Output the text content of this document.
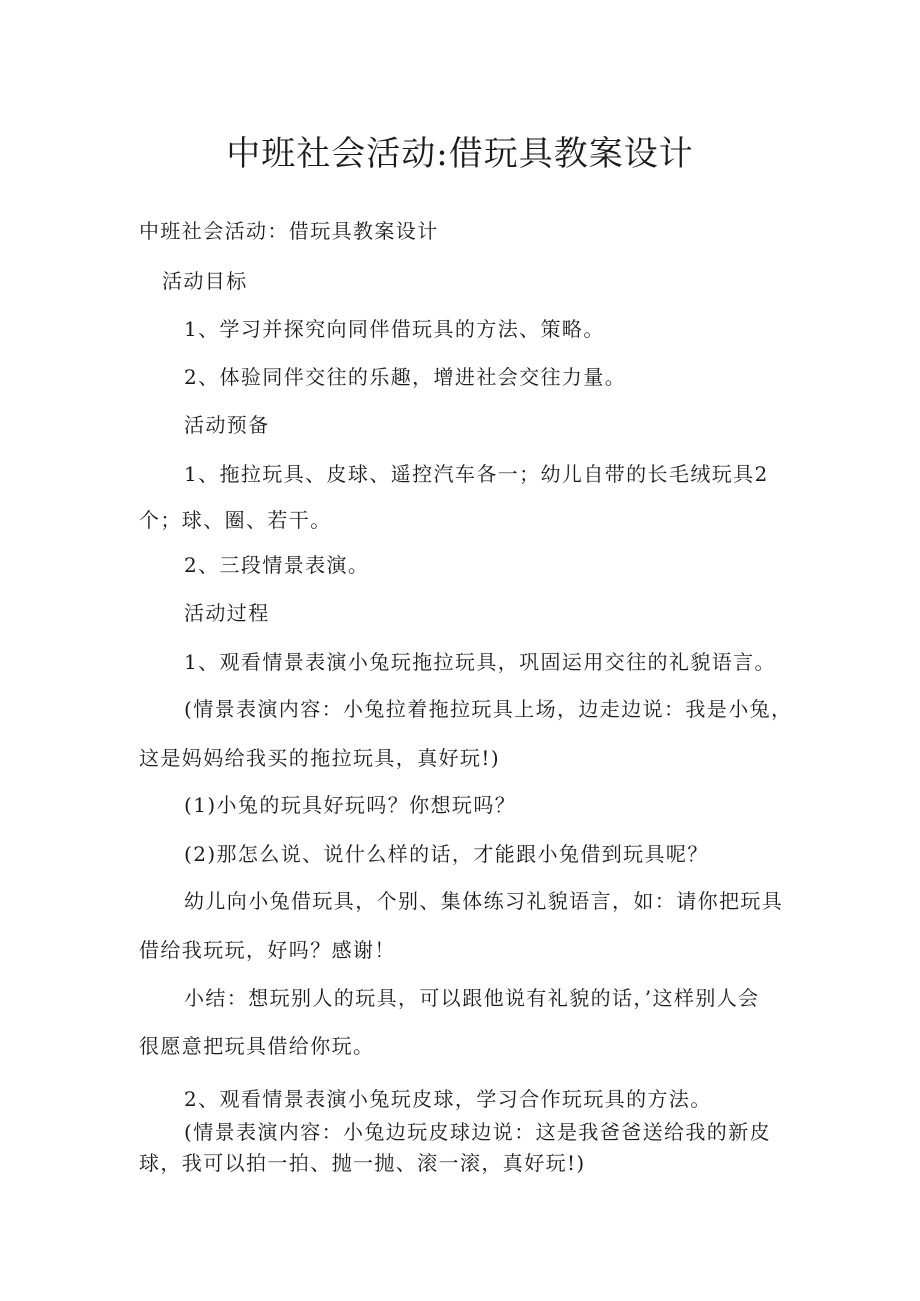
中班社会活动:借玩具教案设计

中班社会活动：借玩具教案设计

活动目标

1、学习并探究向同伴借玩具的方法、策略。

2、体验同伴交往的乐趣，增进社会交往力量。

活动预备

1、拖拉玩具、皮球、遥控汽车各一；幼儿自带的长毛绒玩具2

个；球、圈、若干。

2、三段情景表演。

活动过程

1、观看情景表演小兔玩拖拉玩具，巩固运用交往的礼貌语言。

(情景表演内容：小兔拉着拖拉玩具上场，边走边说：我是小兔，

这是妈妈给我买的拖拉玩具，真好玩!)

(1)小兔的玩具好玩吗？你想玩吗？

(2)那怎么说、说什么样的话，才能跟小兔借到玩具呢？

幼儿向小兔借玩具，个别、集体练习礼貌语言，如：请你把玩具

借给我玩玩，好吗？感谢！

小结：想玩别人的玩具，可以跟他说有礼貌的话，’这样别人会

很愿意把玩具借给你玩。

2、观看情景表演小兔玩皮球，学习合作玩玩具的方法。

(情景表演内容：小兔边玩皮球边说：这是我爸爸送给我的新皮

球，我可以拍一拍、抛一抛、滚一滚，真好玩!)
